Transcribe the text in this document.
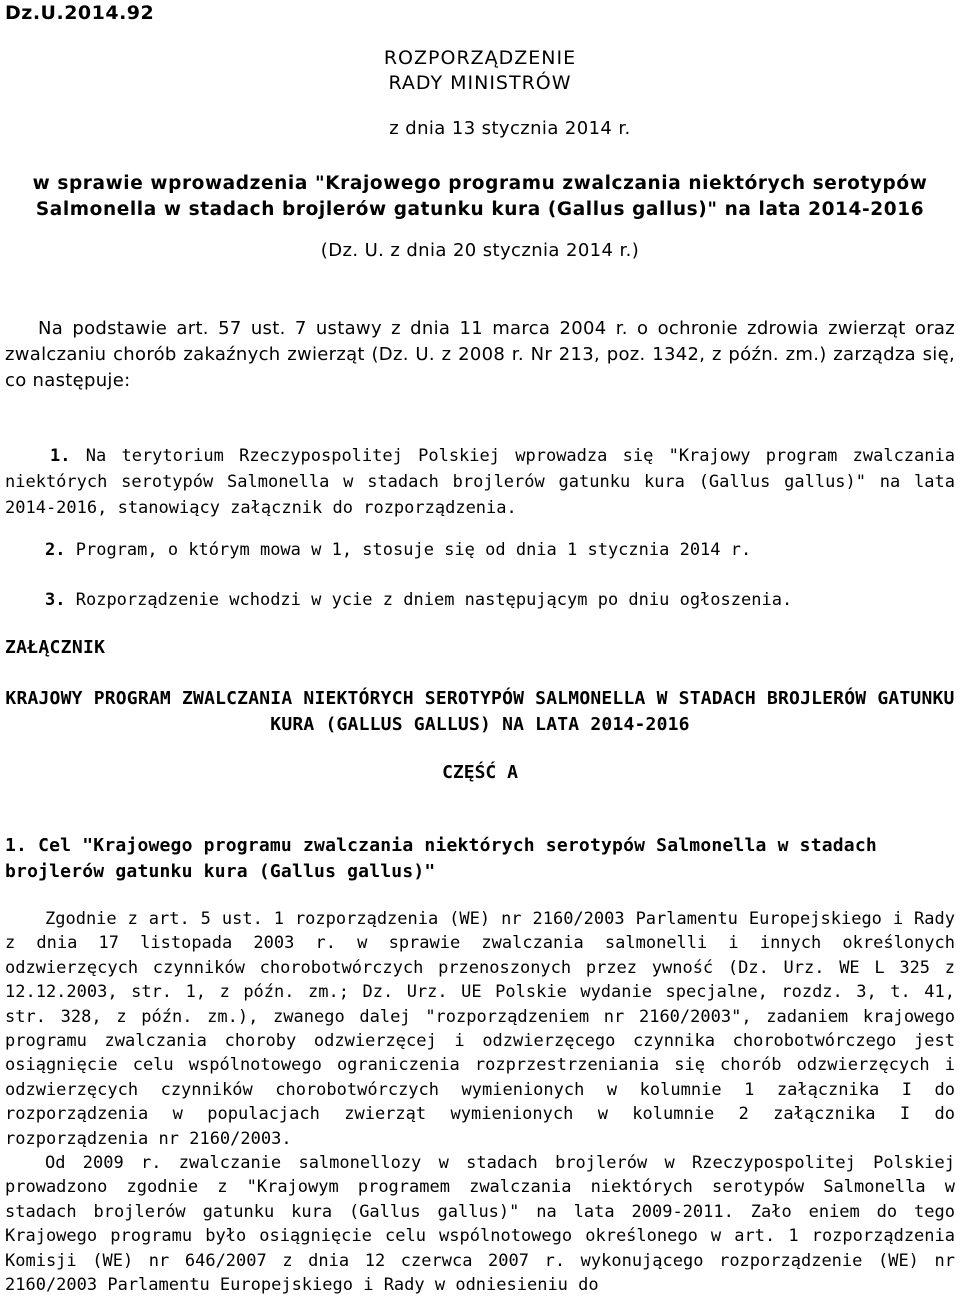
Dz.U.2014.92
ROZPORZĄDZENIE
RADY MINISTRÓW
z dnia 13 stycznia 2014 r.
w sprawie wprowadzenia "Krajowego programu zwalczania niektórych serotypów
Salmonella w stadach brojlerów gatunku kura (Gallus gallus)" na lata 2014-2016
(Dz. U. z dnia 20 stycznia 2014 r.)
Na podstawie art. 57 ust. 7 ustawy z dnia 11 marca 2004 r. o ochronie zdrowia zwierząt oraz zwalczaniu chorób zakaźnych zwierząt (Dz. U. z 2008 r. Nr 213, poz. 1342, z późn. zm.) zarządza się, co następuje:
1. Na terytorium Rzeczypospolitej Polskiej wprowadza się "Krajowy program zwalczania niektórych serotypów Salmonella w stadach brojlerów gatunku kura (Gallus gallus)" na lata 2014-2016, stanowiący załącznik do rozporządzenia.
2. Program, o którym mowa w 1, stosuje się od dnia 1 stycznia 2014 r.
3. Rozporządzenie wchodzi w ycie z dniem następującym po dniu ogłoszenia.
ZAŁĄCZNIK
KRAJOWY PROGRAM ZWALCZANIA NIEKTÓRYCH SEROTYPÓW SALMONELLA W STADACH BROJLERÓW GATUNKU KURA (GALLUS GALLUS) NA LATA 2014-2016
CZĘŚĆ A
1. Cel "Krajowego programu zwalczania niektórych serotypów Salmonella w stadach brojlerów gatunku kura (Gallus gallus)"

Zgodnie z art. 5 ust. 1 rozporządzenia (WE) nr 2160/2003 Parlamentu Europejskiego i Rady z dnia 17 listopada 2003 r. w sprawie zwalczania salmonelli i innych określonych odzwierzęcych czynników chorobotwórczych przenoszonych przez ywność (Dz. Urz. WE L 325 z 12.12.2003, str. 1, z późn. zm.; Dz. Urz. UE Polskie wydanie specjalne, rozdz. 3, t. 41, str. 328, z późn. zm.), zwanego dalej "rozporządzeniem nr 2160/2003", zadaniem krajowego programu zwalczania choroby odzwierzęcej i odzwierzęcego czynnika chorobotwórczego jest osiągnięcie celu wspólnotowego ograniczenia rozprzestrzeniania się chorób odzwierzęcych i odzwierzęcych czynników chorobotwórczych wymienionych w kolumnie 1 załącznika I do rozporządzenia w populacjach zwierząt wymienionych w kolumnie 2 załącznika I do rozporządzenia nr 2160/2003.

Od 2009 r. zwalczanie salmonellozy w stadach brojlerów w Rzeczypospolitej Polskiej prowadzono zgodnie z "Krajowym programem zwalczania niektórych serotypów Salmonella w stadach brojlerów gatunku kura (Gallus gallus)" na lata 2009-2011. Zało eniem do tego Krajowego programu było osiągnięcie celu wspólnotowego określonego w art. 1 rozporządzenia Komisji (WE) nr 646/2007 z dnia 12 czerwca 2007 r. wykonującego rozporządzenie (WE) nr 2160/2003 Parlamentu Europejskiego i Rady w odniesieniu do
